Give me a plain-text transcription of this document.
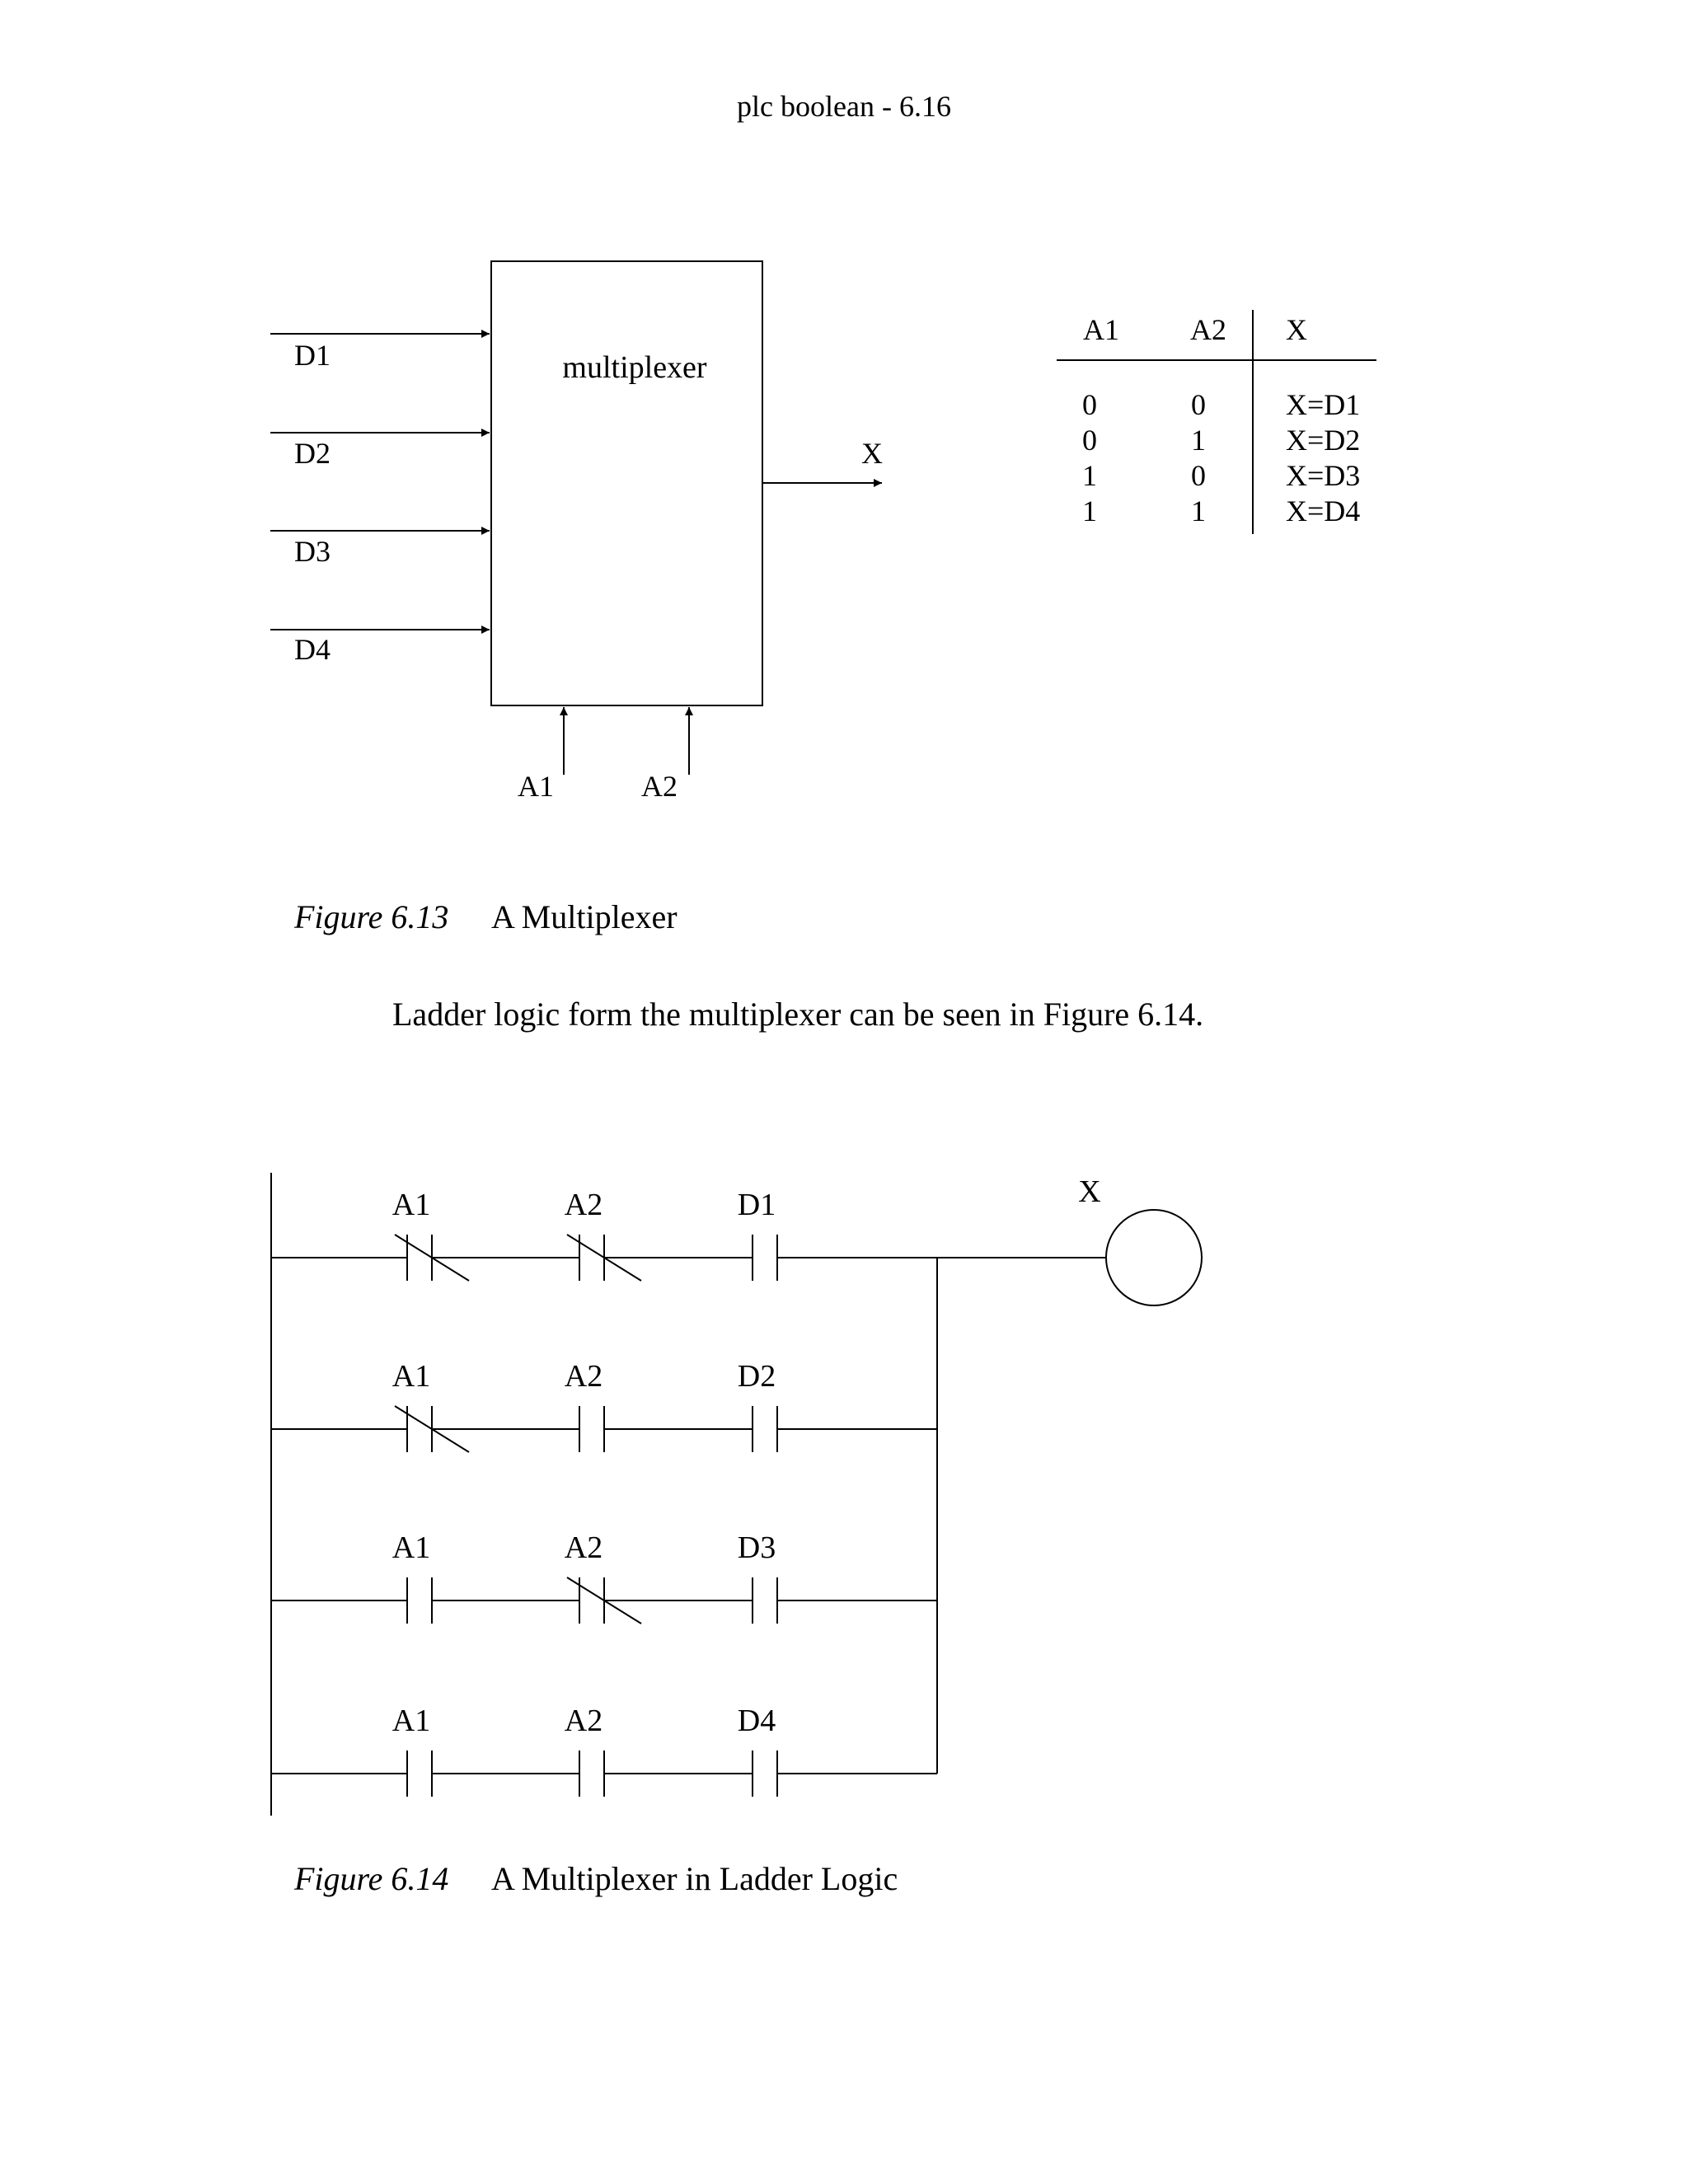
plc boolean - 6.16
multiplexer
D1
D2
D3
D4
X
A1	A2
A1 A2 X
0	0	X=D1
0	1	X=D2
1	0	X=D3
1	1	X=D4
Figure 6.13 A Multiplexer
Ladder logic form the multiplexer can be seen in Figure 6.14.
A1	A2	D1
A1	A2	D2
A1	A2	D3
A1	A2	D4
X
Figure 6.14 A Multiplexer in Ladder Logic
